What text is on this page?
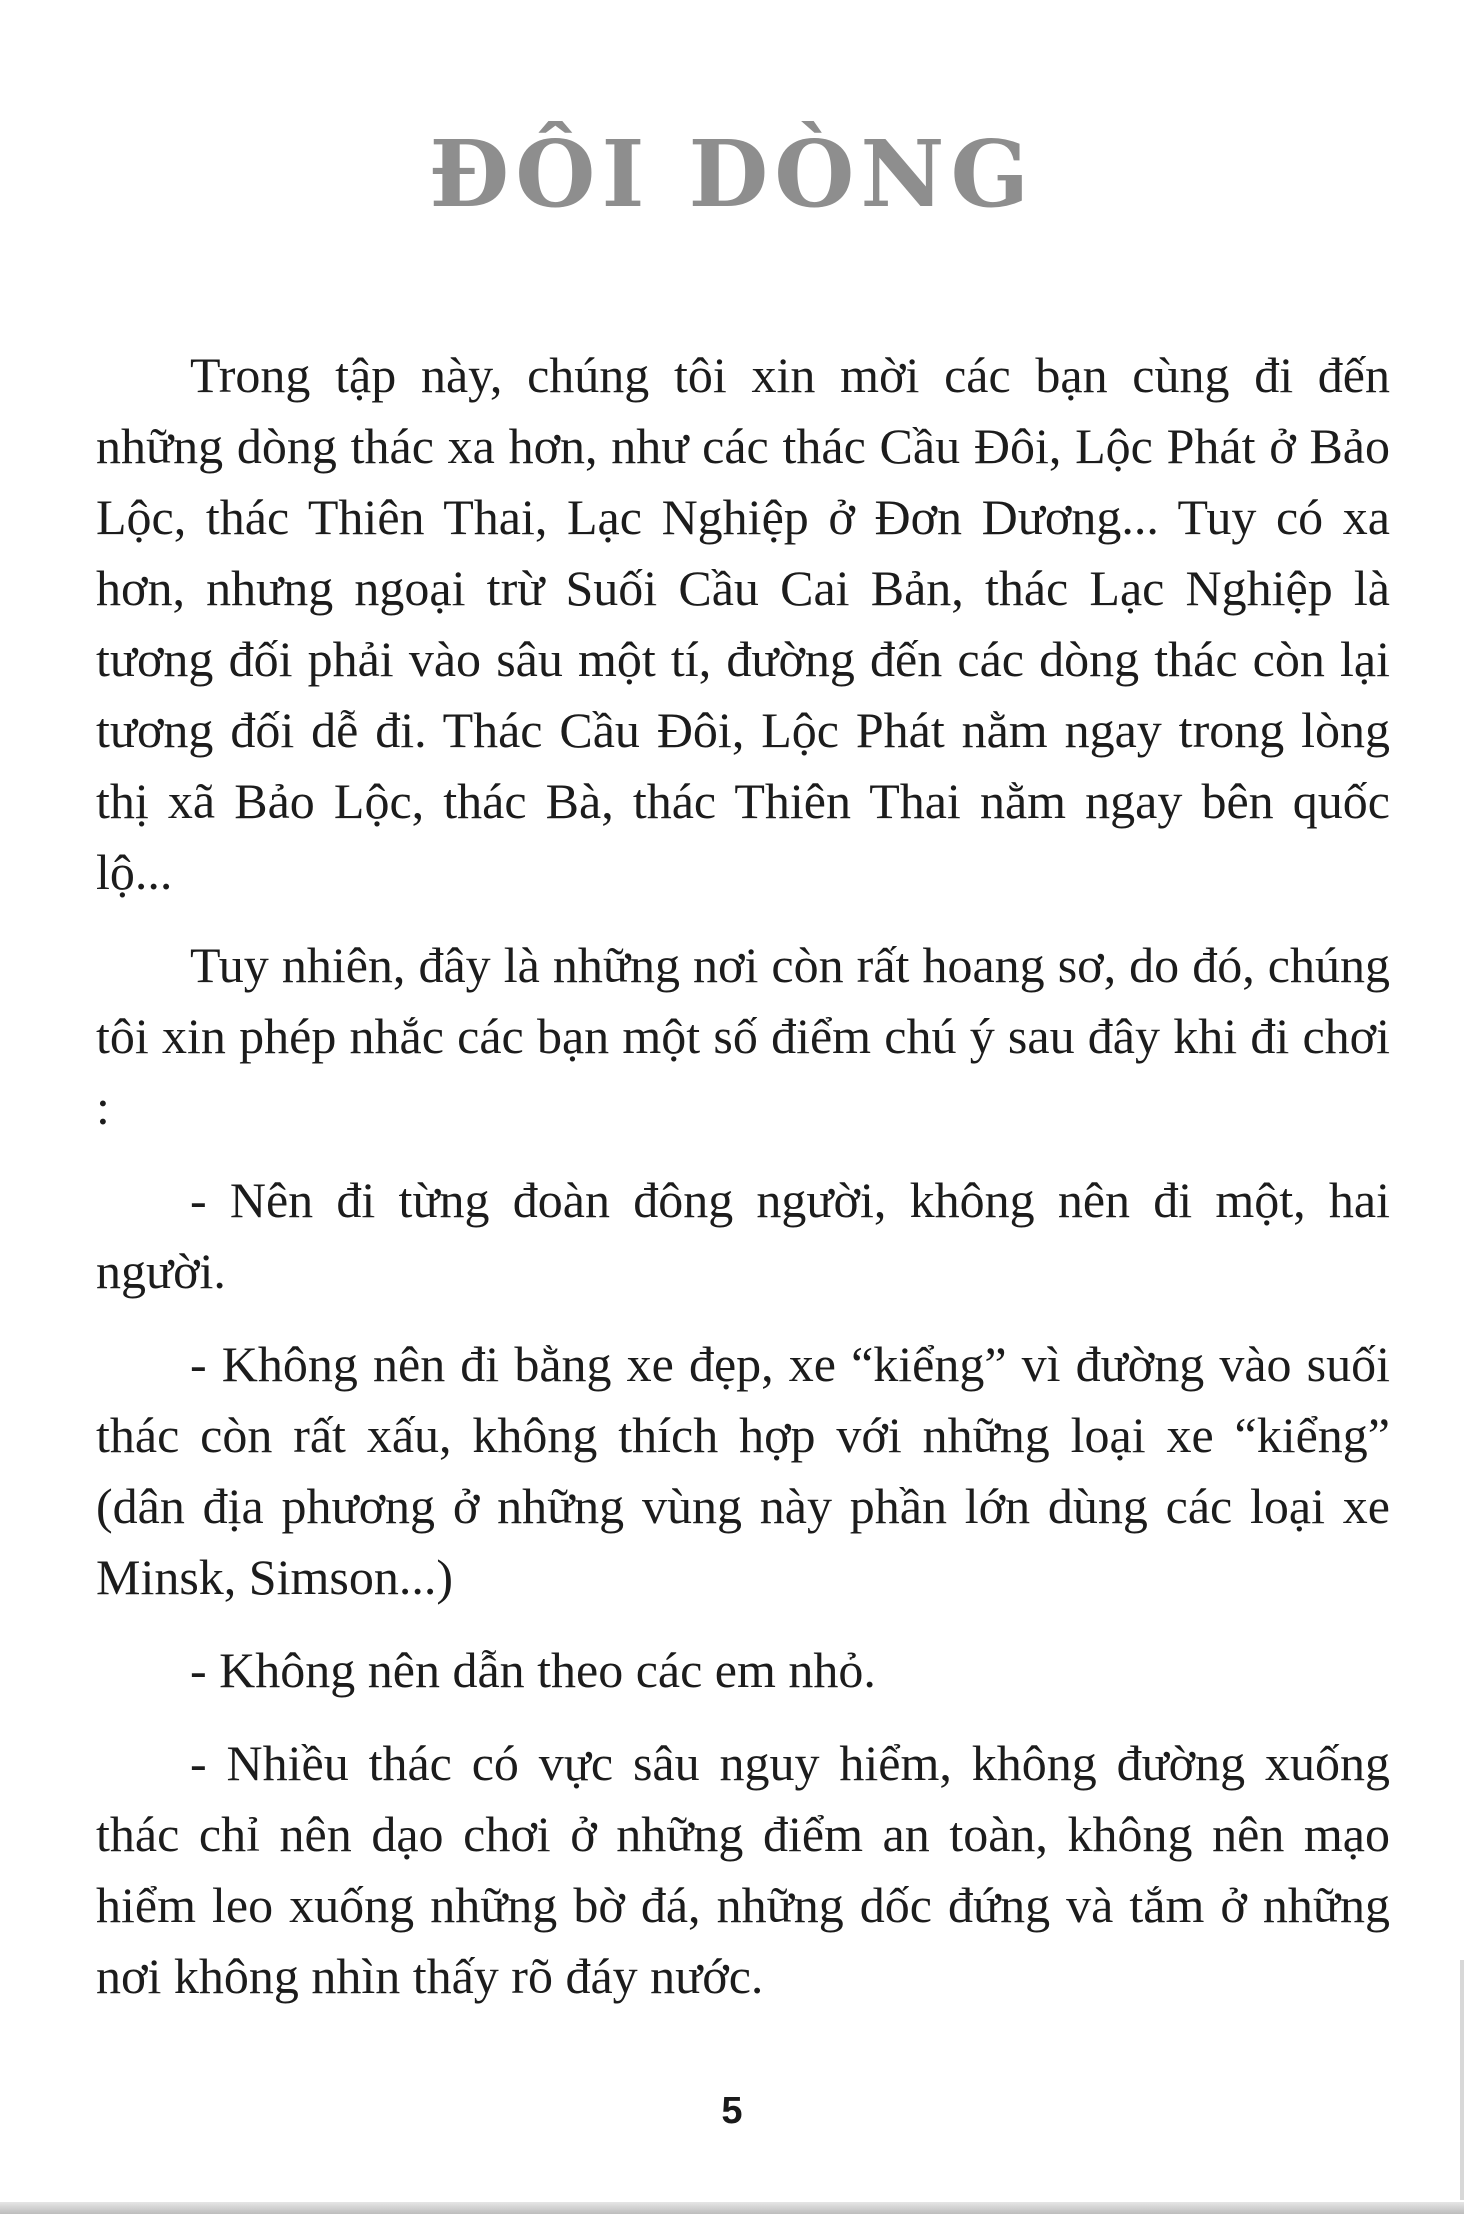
ĐÔI DÒNG

Trong tập này, chúng tôi xin mời các bạn cùng đi đến những dòng thác xa hơn, như các thác Cầu Đôi, Lộc Phát ở Bảo Lộc, thác Thiên Thai, Lạc Nghiệp ở Đơn Dương... Tuy có xa hơn, nhưng ngoại trừ Suối Cầu Cai Bản, thác Lạc Nghiệp là tương đối phải vào sâu một tí, đường đến các dòng thác còn lại tương đối dễ đi. Thác Cầu Đôi, Lộc Phát nằm ngay trong lòng thị xã Bảo Lộc, thác Bà, thác Thiên Thai nằm ngay bên quốc lộ...

Tuy nhiên, đây là những nơi còn rất hoang sơ, do đó, chúng tôi xin phép nhắc các bạn một số điểm chú ý sau đây khi đi chơi :

- Nên đi từng đoàn đông người, không nên đi một, hai người.

- Không nên đi bằng xe đẹp, xe “kiểng” vì đường vào suối thác còn rất xấu, không thích hợp với những loại xe “kiểng” (dân địa phương ở những vùng này phần lớn dùng các loại xe Minsk, Simson...)

- Không nên dẫn theo các em nhỏ.

- Nhiều thác có vực sâu nguy hiểm, không đường xuống thác chỉ nên dạo chơi ở những điểm an toàn, không nên mạo hiểm leo xuống những bờ đá, những dốc đứng và tắm ở những nơi không nhìn thấy rõ đáy nước.

5
